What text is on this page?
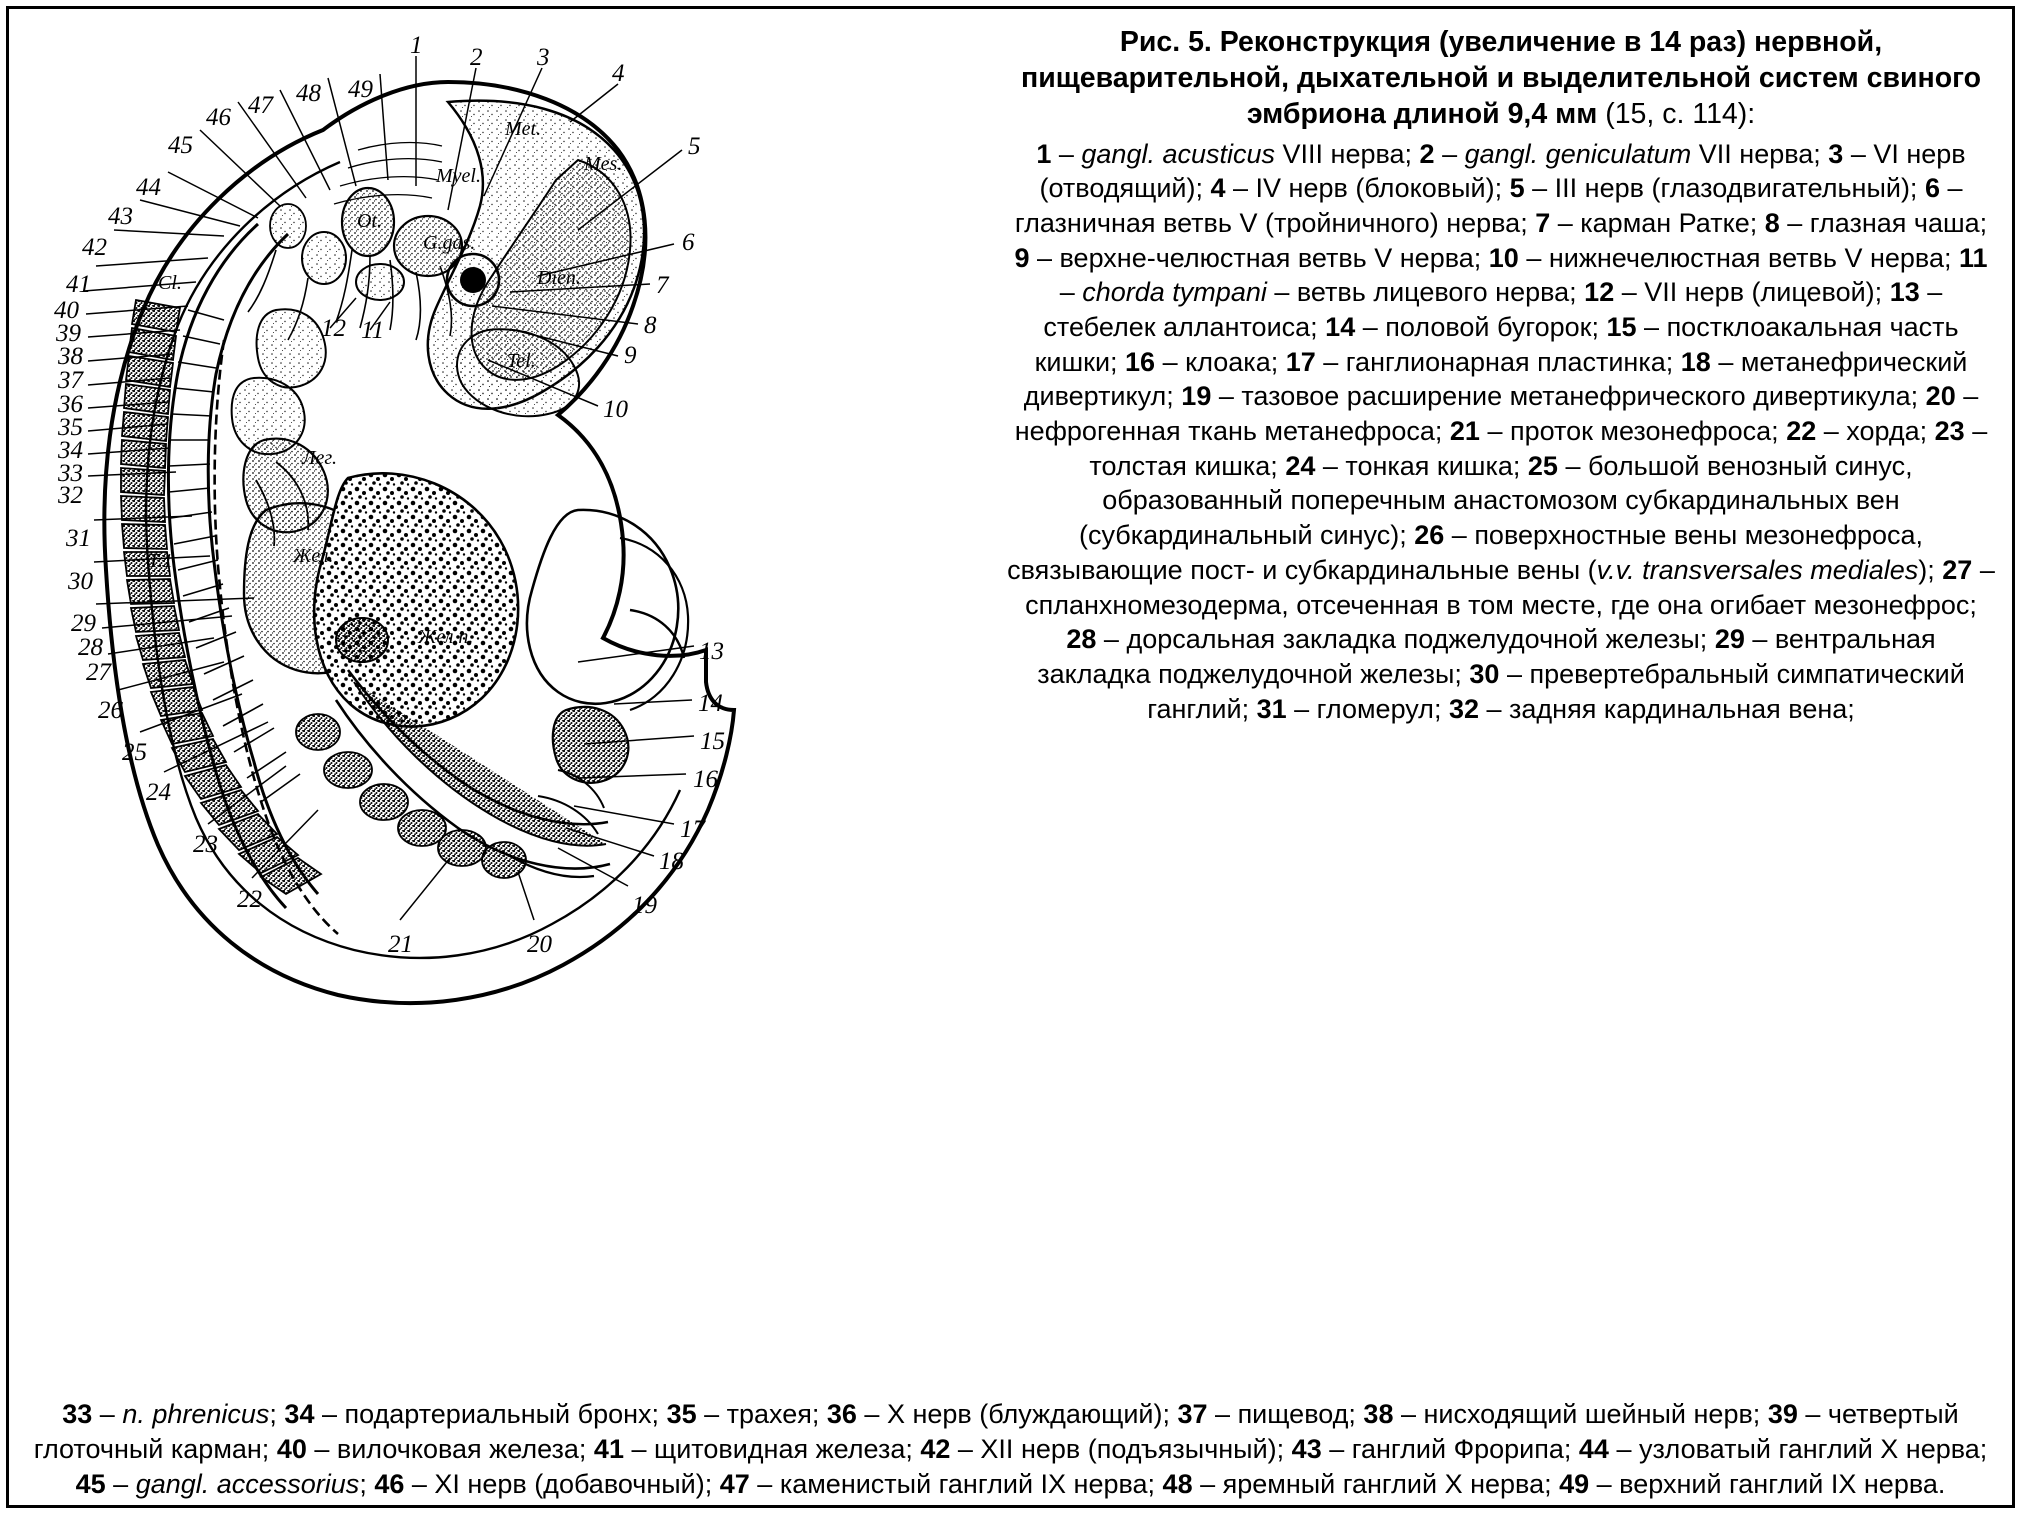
1 2 3
4
5
6
7
8
9
10
11
12
13
14
15
16
17
18
19
20
21
22
23
24
25
26
27
28
29
30
31
32
33
34
35
36
37
38
39
40
41
42
43
44
45
46 47 48 49
Met.
Mes.
Myel.
Ot.
G.gas.
Dien.
Tel.
Лег.
Жел.
Жел.п.
Сl.
Т.1

Рис. 5. Реконструкция (увеличение в 14 раз) нервной, пищеварительной, дыхательной и выделительной систем свиного эмбриона длиной 9,4 мм (15, с. 114):

1 – gangl. acusticus VIII нерва; 2 – gangl. geniculatum VII нерва; 3 – VI нерв (отводящий); 4 – IV нерв (блоковый); 5 – III нерв (глазодвигательный); 6 – глазничная ветвь V (тройничного) нерва; 7 – карман Ратке; 8 – глазная чаша; 9 – верхне-челюстная ветвь V нерва; 10 – нижнечелюстная ветвь V нерва; 11 – chorda tympani – ветвь лицевого нерва; 12 – VII нерв (лицевой); 13 – стебелек аллантоиса; 14 – половой бугорок; 15 – постклоакальная часть кишки; 16 – клоака; 17 – ганглионарная пластинка; 18 – метанефрический дивертикул; 19 – тазовое расширение метанефрического дивертикула; 20 – нефрогенная ткань метанефроса; 21 – проток мезонефроса; 22 – хорда; 23 – толстая кишка; 24 – тонкая кишка; 25 – большой венозный синус, образованный поперечным анастомозом субкардинальных вен (субкардинальный синус); 26 – поверхностные вены мезонефроса, связывающие пост- и субкардинальные вены (v.v. transversales mediales); 27 – спланхномезодерма, отсеченная в том месте, где она огибает мезонефрос; 28 – дорсальная закладка поджелудочной железы; 29 – вентральная закладка поджелудочной железы; 30 – превертебральный симпатический ганглий; 31 – гломерул; 32 – задняя кардинальная вена;

33 – n. phrenicus; 34 – подартериальный бронх; 35 – трахея; 36 – X нерв (блуждающий); 37 – пищевод; 38 – нисходящий шейный нерв; 39 – четвертый глоточный карман; 40 – вилочковая железа; 41 – щитовидная железа; 42 – XII нерв (подъязычный); 43 – ганглий Фрорипа; 44 – узловатый ганглий X нерва; 45 – gangl. accessorius; 46 – XI нерв (добавочный); 47 – каменистый ганглий IX нерва; 48 – яремный ганглий X нерва; 49 – верхний ганглий IX нерва.
